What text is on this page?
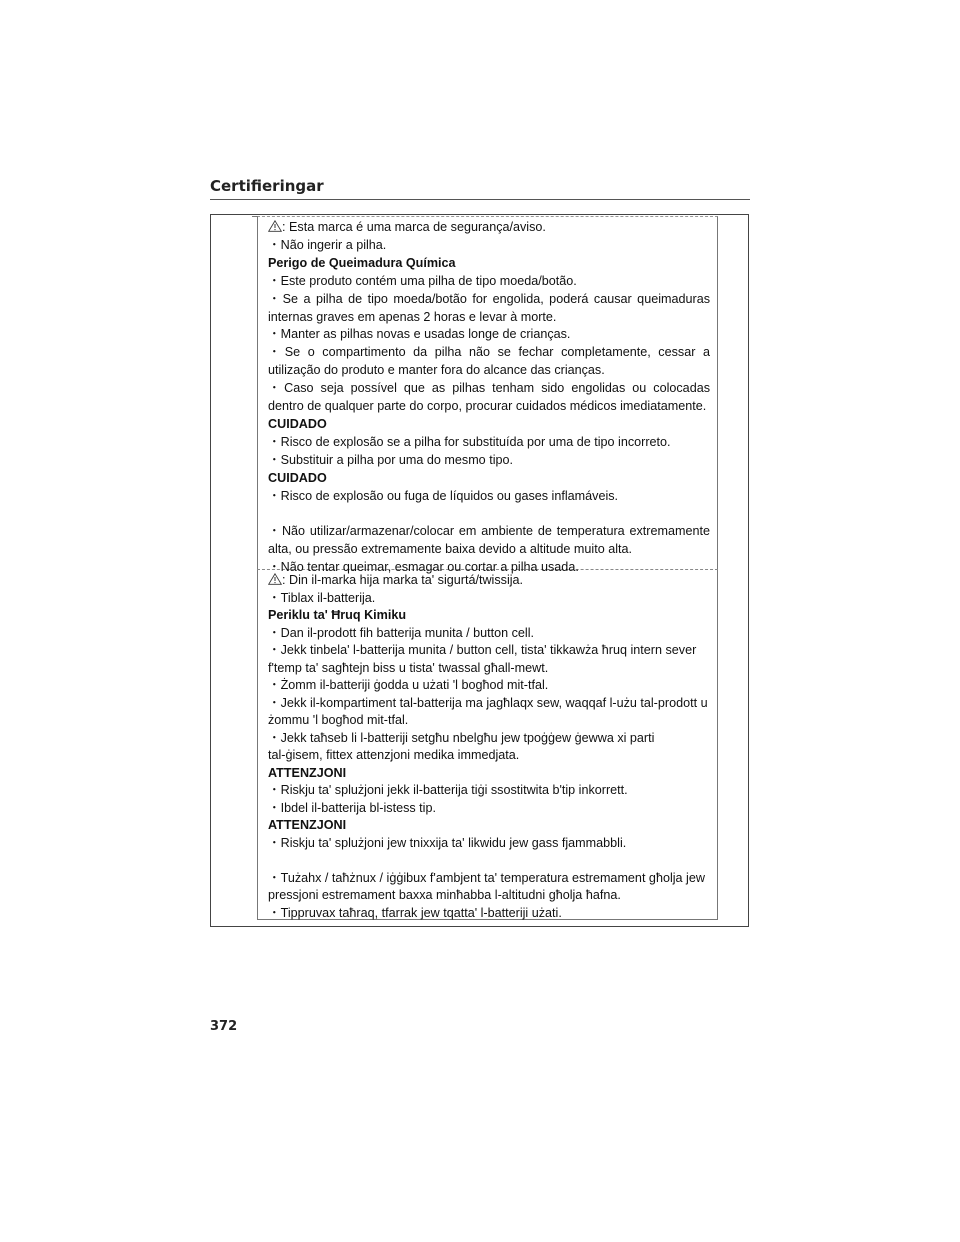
Certifieringar
: Esta marca é uma marca de segurança/aviso.
・Não ingerir a pilha.
Perigo de Queimadura Química
・Este produto contém uma pilha de tipo moeda/botão.
・Se a pilha de tipo moeda/botão for engolida, poderá causar queimaduras internas graves em apenas 2 horas e levar à morte.
・Manter as pilhas novas e usadas longe de crianças.
・Se o compartimento da pilha não se fechar completamente, cessar a utilização do produto e manter fora do alcance das crianças.
・Caso seja possível que as pilhas tenham sido engolidas ou colocadas dentro de qualquer parte do corpo, procurar cuidados médicos imediatamente.
CUIDADO
・Risco de explosão se a pilha for substituída por uma de tipo incorreto.
・Substituir a pilha por uma do mesmo tipo.
CUIDADO
・Risco de explosão ou fuga de líquidos ou gases inflamáveis.
・Não utilizar/armazenar/colocar em ambiente de temperatura extremamente alta, ou pressão extremamente baixa devido a altitude muito alta.
・Não tentar queimar, esmagar ou cortar a pilha usada.
: Din il-marka hija marka ta' sigurtá/twissija.
・Tiblax il-batterija.
Periklu ta' Ħruq Kimiku
・Dan il-prodott fih batterija munita / button cell.
・Jekk tinbela' l-batterija munita / button cell, tista' tikkawża ħruq intern sever
f'temp ta' sagħtejn biss u tista' twassal għall-mewt.
・Żomm il-batteriji ġodda u użati 'l bogħod mit-tfal.
・Jekk il-kompartiment tal-batterija ma jagħlaqx sew, waqqaf l-użu tal-prodott u
żommu 'l bogħod mit-tfal.
・Jekk taħseb li l-batteriji setgħu nbelgħu jew tpoġġew ġewwa xi parti
tal-ġisem, fittex attenzjoni medika immedjata.
ATTENZJONI
・Riskju ta' splużjoni jekk il-batterija tiġi ssostitwita b'tip inkorrett.
・Ibdel il-batterija bl-istess tip.
ATTENZJONI
・Riskju ta' splużjoni jew tnixxija ta' likwidu jew gass fjammabbli.
・Tużahx / taħżnux / iġġibux f'ambjent ta' temperatura estremament għolja jew
pressjoni estremament baxxa minħabba l-altitudni għolja ħafna.
・Tippruvax taħraq, tfarrak jew tqatta' l-batteriji użati.
372
